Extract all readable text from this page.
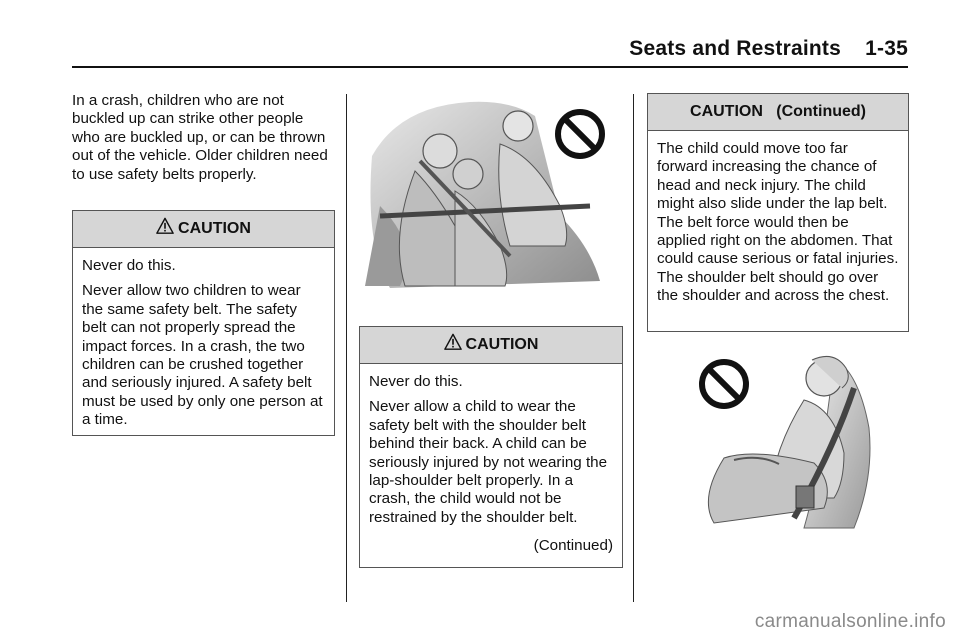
Seats and Restraints 1-35

In a crash, children who are not buckled up can strike other people who are buckled up, or can be thrown out of the vehicle. Older children need to use safety belts properly.

CAUTION

Never do this.

Never allow two children to wear the same safety belt. The safety belt can not properly spread the impact forces. In a crash, the two children can be crushed together and seriously injured. A safety belt must be used by only one person at a time.

CAUTION

Never do this.

Never allow a child to wear the safety belt with the shoulder belt behind their back. A child can be seriously injured by not wearing the lap-shoulder belt properly. In a crash, the child would not be restrained by the shoulder belt.

(Continued)

CAUTION   (Continued)

The child could move too far forward increasing the chance of head and neck injury. The child might also slide under the lap belt. The belt force would then be applied right on the abdomen. That could cause serious or fatal injuries. The shoulder belt should go over the shoulder and across the chest.

carmanualsonline.info
